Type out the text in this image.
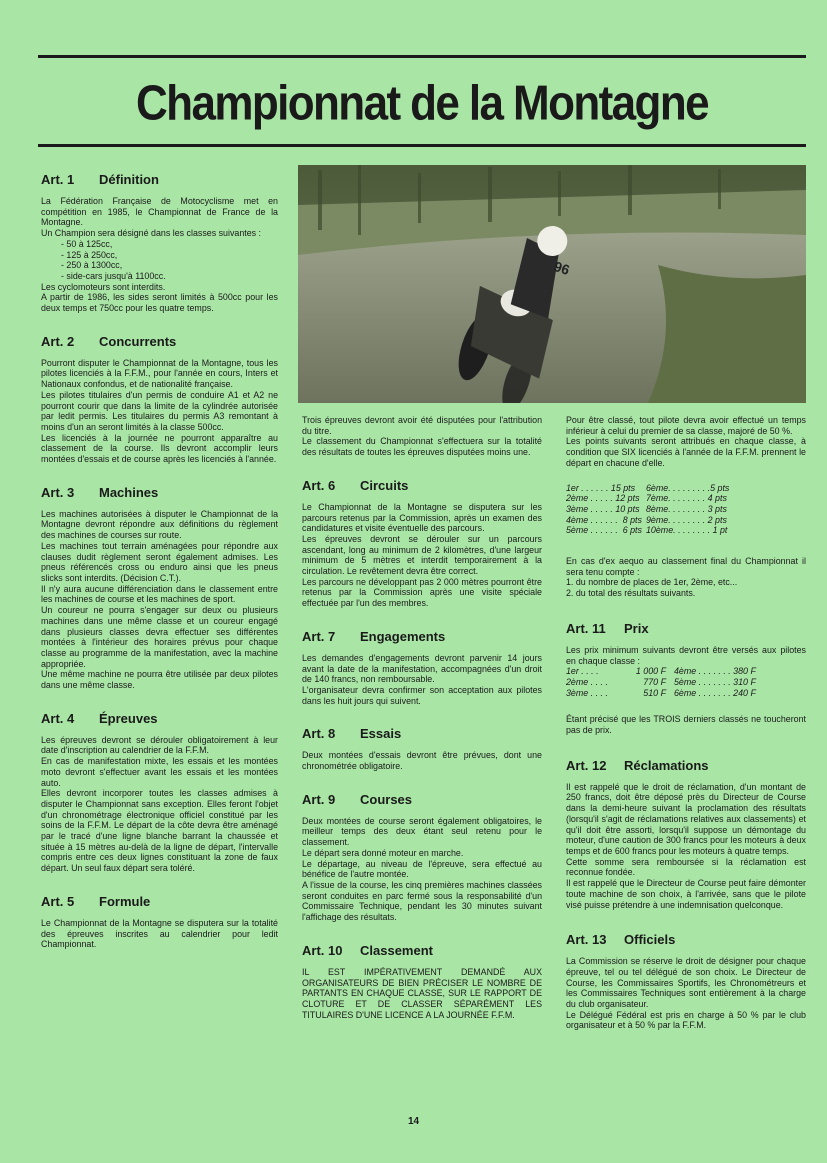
Championnat de la Montagne
Art. 1 Définition

La Fédération Française de Motocyclisme met en compétition en 1985, le Championnat de France de la Montagne.

Un Champion sera désigné dans les classes suivantes :

- 50 à 125cc,

- 125 à 250cc,

- 250 à 1300cc,

- side-cars jusqu'à 1100cc.

Les cyclomoteurs sont interdits.

A partir de 1986, les sides seront limités à 500cc pour les deux temps et 750cc pour les quatre temps.

Art. 2 Concurrents

Pourront disputer le Championnat de la Montagne, tous les pilotes licenciés à la F.F.M., pour l'année en cours, Inters et Nationaux confondus, et de nationalité française.

Les pilotes titulaires d'un permis de conduire A1 et A2 ne pourront courir que dans la limite de la cylindrée autorisée par ledit permis. Les titulaires du permis A3 remontant à moins d'un an seront limités à la classe 500cc.

Les licenciés à la journée ne pourront apparaître au classement de la course. Ils devront accomplir leurs montées d'essais et de course après les licenciés à l'année.

Art. 3 Machines

Les machines autorisées à disputer le Championnat de la Montagne devront répondre aux définitions du règlement des machines de courses sur route.

Les machines tout terrain aménagées pour répondre aux clauses dudit règlement seront également admises. Les pneus référencés cross ou enduro ainsi que les pneus slicks sont interdits. (Décision C.T.).

Il n'y aura aucune différenciation dans le classement entre les machines de course et les machines de sport.

Un coureur ne pourra s'engager sur deux ou plusieurs machines dans une même classe et un coureur engagé dans plusieurs classes devra effectuer ses différentes montées à l'intérieur des horaires prévus pour chaque classe au programme de la manifestation, avec la machine appropriée.

Une même machine ne pourra être utilisée par deux pilotes dans une même classe.

Art. 4 Épreuves

Les épreuves devront se dérouler obligatoirement à leur date d'inscription au calendrier de la F.F.M.

En cas de manifestation mixte, les essais et les montées moto devront s'effectuer avant les essais et les montées auto.

Elles devront incorporer toutes les classes admises à disputer le Championnat sans exception. Elles feront l'objet d'un chronométrage électronique officiel constitué par les soins de la F.F.M. Le départ de la côte devra être aménagé par le tracé d'une ligne blanche barrant la chaussée et située à 15 mètres au-delà de la ligne de départ, l'intervalle compris entre ces deux lignes constituant la zone de faux départ. Un seul faux départ sera toléré.

Art. 5 Formule

Le Championnat de la Montagne se disputera sur la totalité des épreuves inscrites au calendrier pour ledit Championnat.

96

Trois épreuves devront avoir été disputées pour l'attribution du titre.

Le classement du Championnat s'effectuera sur la totalité des résultats de toutes les épreuves disputées moins une.

Art. 6 Circuits

Le Championnat de la Montagne se disputera sur les parcours retenus par la Commission, après un examen des candidatures et visite éventuelle des parcours.

Les épreuves devront se dérouler sur un parcours ascendant, long au minimum de 2 kilomètres, d'une largeur minimum de 5 mètres et interdit temporairement à la circulation. Le revêtement devra être correct.

Les parcours ne développant pas 2 000 mètres pourront être retenus par la Commission après une visite spéciale effectuée par l'un des membres.

Art. 7 Engagements

Les demandes d'engagements devront parvenir 14 jours avant la date de la manifestation, accompagnées d'un droit de 140 francs, non remboursable.

L'organisateur devra confirmer son acceptation aux pilotes dans les huit jours qui suivent.

Art. 8 Essais

Deux montées d'essais devront être prévues, dont une chronométrée obligatoire.

Art. 9 Courses

Deux montées de course seront également obligatoires, le meilleur temps des deux étant seul retenu pour le classement.

Le départ sera donné moteur en marche.

Le départage, au niveau de l'épreuve, sera effectué au bénéfice de l'autre montée.

A l'issue de la course, les cinq premières machines classées seront conduites en parc fermé sous la responsabilité d'un Commissaire Technique, pendant les 30 minutes suivant l'affichage des résultats.

Art. 10 Classement

IL EST IMPÉRATIVEMENT DEMANDÉ AUX ORGANISATEURS DE BIEN PRÉCISER LE NOMBRE DE PARTANTS EN CHAQUE CLASSE, SUR LE RAPPORT DE CLOTURE ET DE CLASSER SÉPARÉMENT LES TITULAIRES D'UNE LICENCE A LA JOURNÉE F.F.M.

Pour être classé, tout pilote devra avoir effectué un temps inférieur à celui du premier de sa classe, majoré de 50 %.

Les points suivants seront attribués en chaque classe, à condition que SIX licenciés à l'année de la F.F.M. prennent le départ en chacune d'elle.

1er . . . . . . 15 pts	6ème. . . . . . . . .5 pts
2ème . . . . . 12 pts 7ème. . . . . . . . 4 pts
3ème . . . . . 10 pts 8ème. . . . . . . . 3 pts
4ème . . . . . .  8 pts 9ème. . . . . . . . 2 pts
5ème . . . . . .  6 pts 10ème. . . . . . . . 1 pt

En cas d'ex aequo au classement final du Championnat il sera tenu compte :

1. du nombre de places de 1er, 2ème, etc...

2. du total des résultats suivants.

Art. 11 Prix

Les prix minimum suivants devront être versés aux pilotes en chaque classe :

1er . . . .	1 000 F 4ème . . . . . . . 380 F
2ème . . . .	770 F 5ème . . . . . . . 310 F
3ème . . . .	510 F 6ème . . . . . . . 240 F

Étant précisé que les TROIS derniers classés ne toucheront pas de prix.

Art. 12 Réclamations

Il est rappelé que le droit de réclamation, d'un montant de 250 francs, doit être déposé près du Directeur de Course dans la demi-heure suivant la proclamation des résultats (lorsqu'il s'agit de réclamations relatives aux classements) et qu'il doit être assorti, lorsqu'il suppose un démontage du moteur, d'une caution de 300 francs pour les moteurs à deux temps et de 600 francs pour les moteurs à quatre temps.

Cette somme sera remboursée si la réclamation est reconnue fondée.

Il est rappelé que le Directeur de Course peut faire démonter toute machine de son choix, à l'arrivée, sans que le pilote visé puisse prétendre à une indemnisation quelconque.

Art. 13 Officiels

La Commission se réserve le droit de désigner pour chaque épreuve, tel ou tel délégué de son choix. Le Directeur de Course, les Commissaires Sportifs, les Chronométreurs et les Commissaires Techniques sont entièrement à la charge du club organisateur.

Le Délégué Fédéral est pris en charge à 50 % par le club organisateur et à 50 % par la F.F.M.

14
